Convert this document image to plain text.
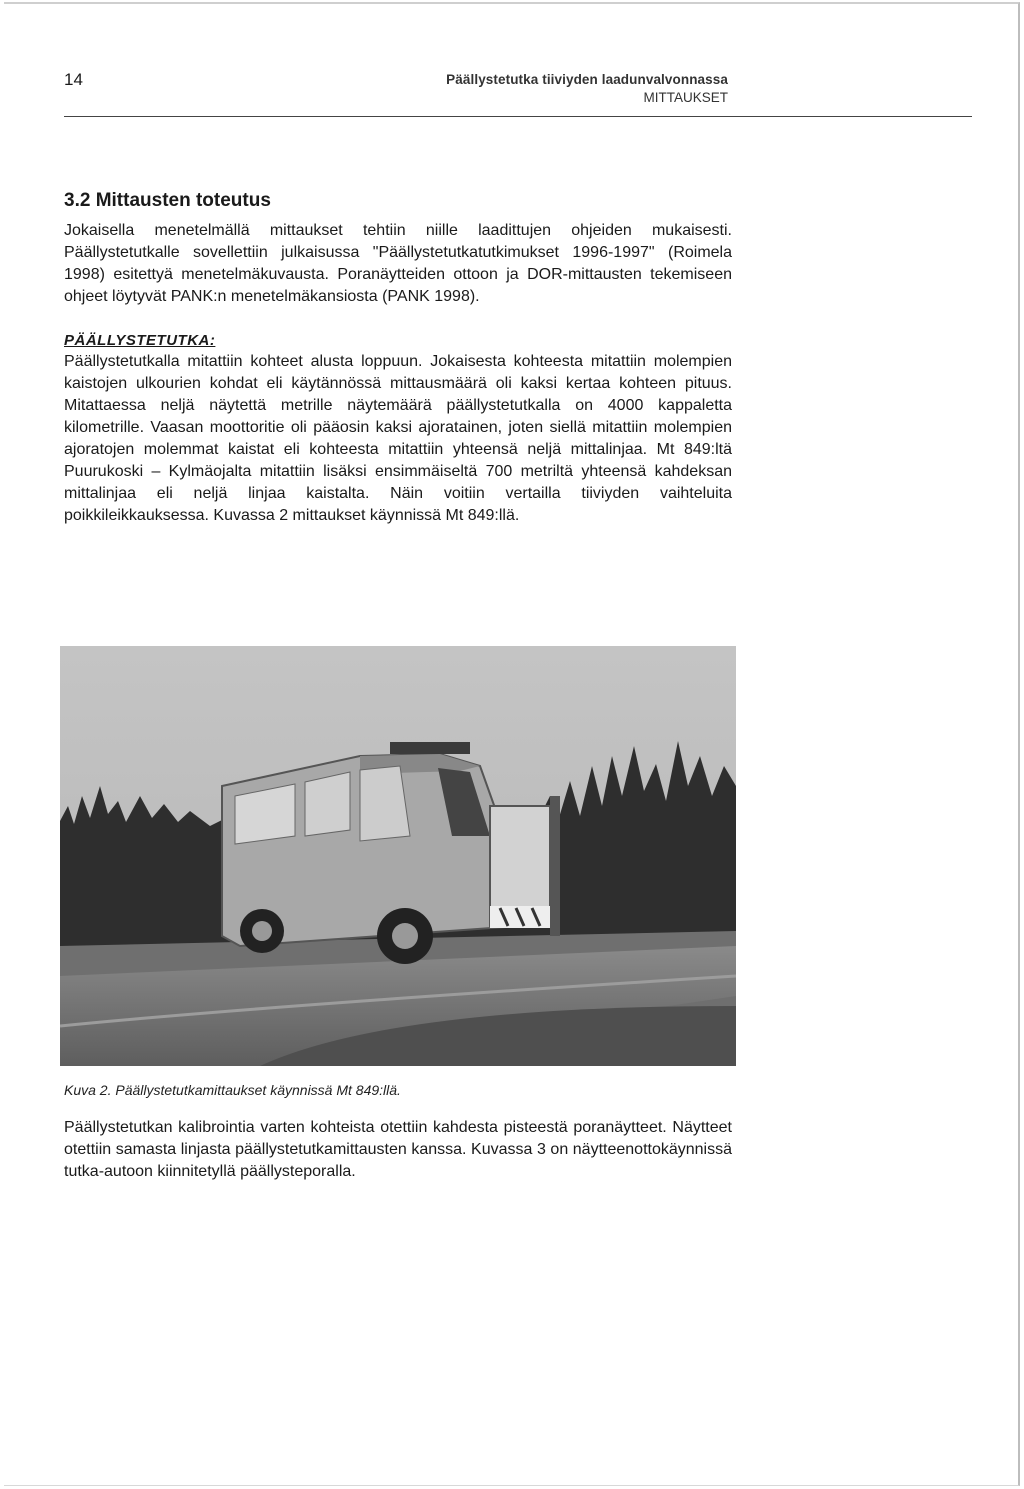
14	Päällystetutka tiiviyden laadunvalvonnassa
MITTAUKSET
3.2 Mittausten toteutus

Jokaisella menetelmällä mittaukset tehtiin niille laadittujen ohjeiden mukaisesti. Päällystetutkalle sovellettiin julkaisussa "Päällystetutkatutkimukset 1996-1997" (Roimela 1998) esitettyä menetelmäkuvausta. Poranäytteiden ottoon ja DOR-mittausten tekemiseen ohjeet löytyvät PANK:n menetelmäkansiosta (PANK 1998).

PÄÄLLYSTETUTKA:

Päällystetutkalla mitattiin kohteet alusta loppuun. Jokaisesta kohteesta mitattiin molempien kaistojen ulkourien kohdat eli käytännössä mittausmäärä oli kaksi kertaa kohteen pituus. Mitattaessa neljä näytettä metrille näytemäärä päällystetutkalla on 4000 kappaletta kilometrille. Vaasan moottoritie oli pääosin kaksi ajoratainen, joten siellä mitattiin molempien ajoratojen molemmat kaistat eli kohteesta mitattiin yhteensä neljä mittalinjaa. Mt 849:ltä Puurukoski – Kylmäojalta mitattiin lisäksi ensimmäiseltä 700 metriltä yhteensä kahdeksan mittalinjaa eli neljä linjaa kaistalta. Näin voitiin vertailla tiiviyden vaihteluita poikkileikkauksessa. Kuvassa 2 mittaukset käynnissä Mt 849:llä.

Kuva 2. Päällystetutkamittaukset käynnissä Mt 849:llä.

Päällystetutkan kalibrointia varten kohteista otettiin kahdesta pisteestä poranäytteet. Näytteet otettiin samasta linjasta päällystetutkamittausten kanssa. Kuvassa 3 on näytteenottokäynnissä tutka-autoon kiinnitetyllä päällysteporalla.
